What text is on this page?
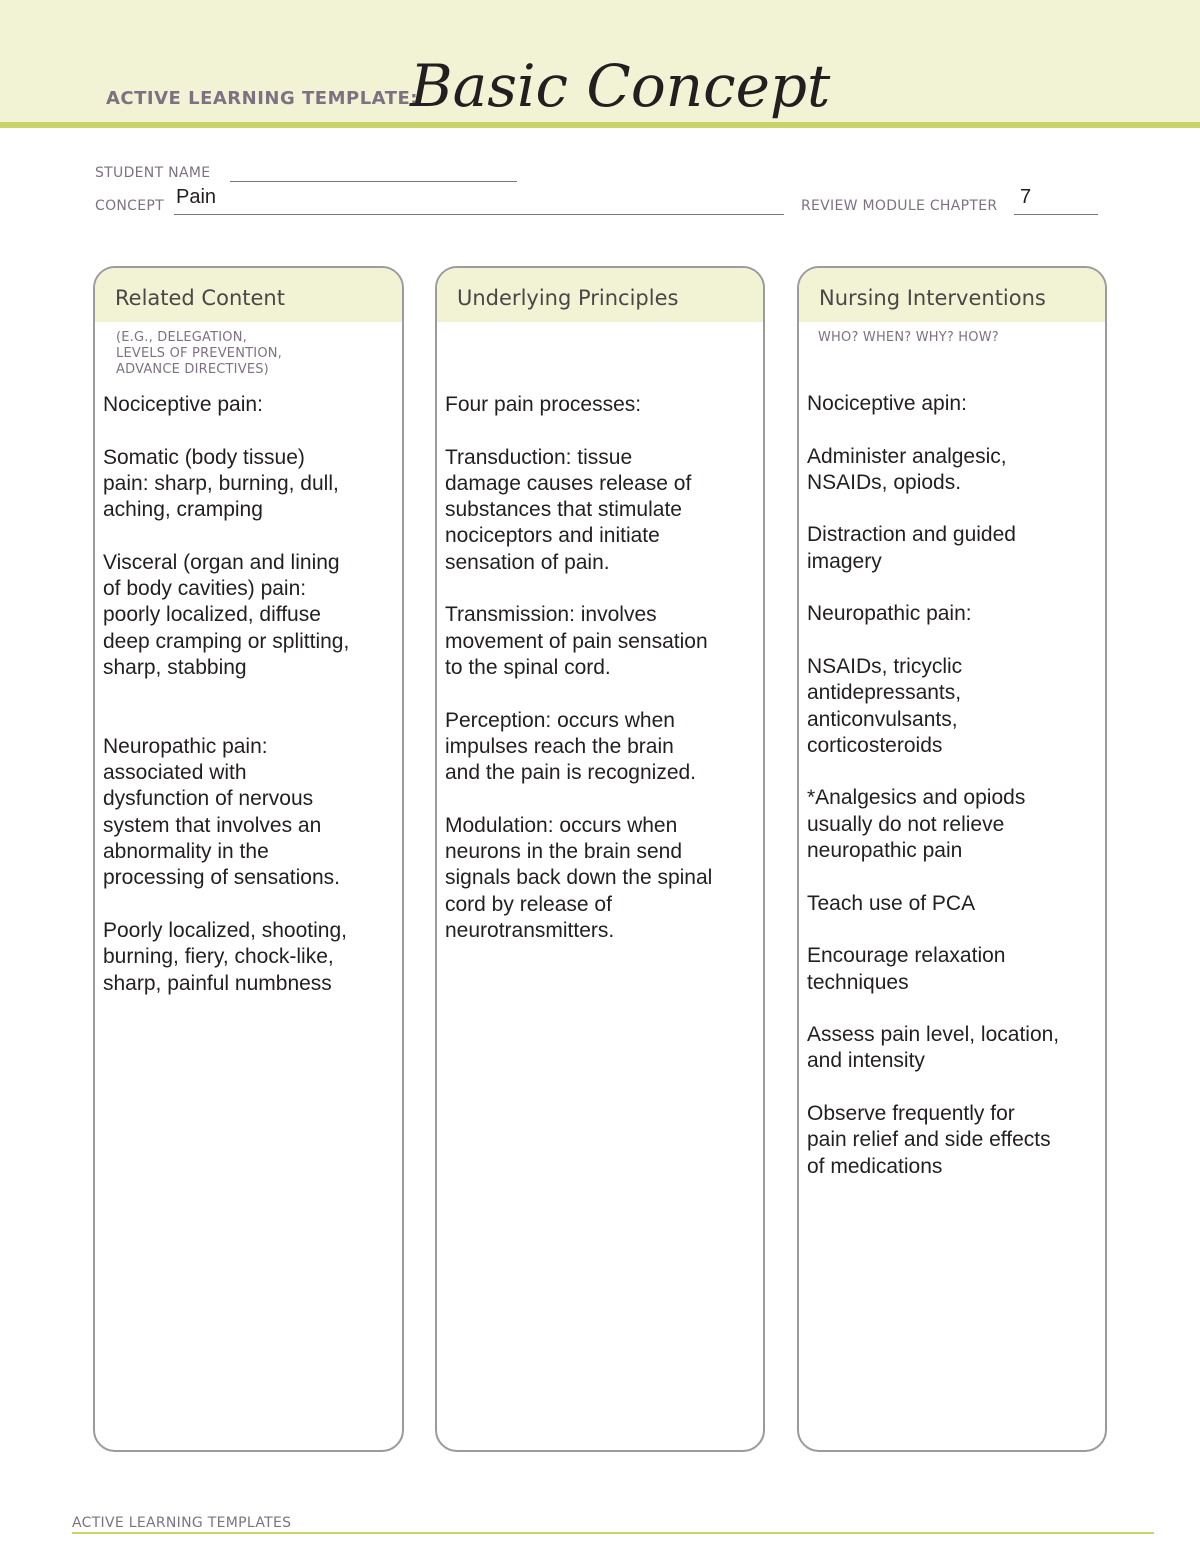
ACTIVE LEARNING TEMPLATE:
Basic Concept
STUDENT NAME
CONCEPT Pain	REVIEW MODULE CHAPTER 7
Related Content
(E.G., DELEGATION,
LEVELS OF PREVENTION,
ADVANCE DIRECTIVES)
Nociceptive pain:

Somatic (body tissue)
pain: sharp, burning, dull,
aching, cramping

Visceral (organ and lining
of body cavities) pain:
poorly localized, diffuse
deep cramping or splitting,
sharp, stabbing

Neuropathic pain:
associated with
dysfunction of nervous
system that involves an
abnormality in the
processing of sensations.

Poorly localized, shooting,
burning, fiery, chock-like,
sharp, painful numbness
Underlying Principles
Four pain processes:

Transduction: tissue
damage causes release of
substances that stimulate
nociceptors and initiate
sensation of pain.

Transmission: involves
movement of pain sensation
to the spinal cord.

Perception: occurs when
impulses reach the brain
and the pain is recognized.

Modulation: occurs when
neurons in the brain send
signals back down the spinal
cord by release of
neurotransmitters.
Nursing Interventions
WHO? WHEN? WHY? HOW?
Nociceptive apin:

Administer analgesic,
NSAIDs, opiods.

Distraction and guided
imagery

Neuropathic pain:

NSAIDs, tricyclic
antidepressants,
anticonvulsants,
corticosteroids

*Analgesics and opiods
usually do not relieve
neuropathic pain

Teach use of PCA

Encourage relaxation
techniques

Assess pain level, location,
and intensity

Observe frequently for
pain relief and side effects
of medications
ACTIVE LEARNING TEMPLATES
